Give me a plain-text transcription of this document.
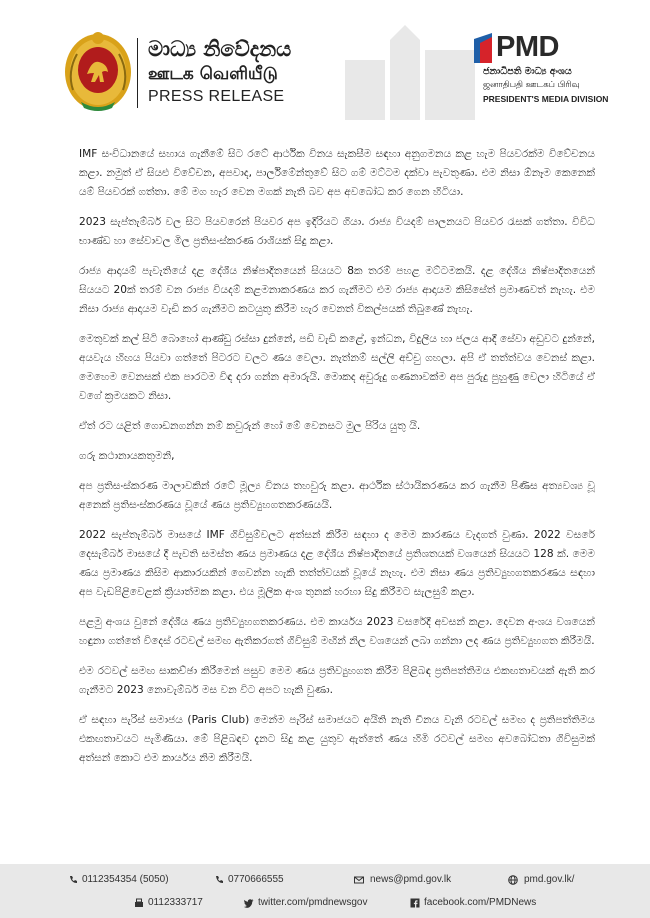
මාධ්‍ය නිවේදනය
ஊடக வெளியீடு
PRESS RELEASE
PMD
ජනාධිපති මාධ්‍ය අංශය
ஜனாதிபதி ஊடகப் பிரிவு
PRESIDENT'S MEDIA DIVISION

IMF සංවිධානයේ සහාය ගැනීමේ සිට රටේ ආර්ථික විනය සැකසීම සඳහා අනුගමනය කළ හැම පියවරක්ම විවේචනය කළා. නමුත් ඒ සියළු විවේචන, අපවාද, පාර්ලිමේන්තුවේ සිට ගම් මට්ටම දක්වා පැවතුණා. එම නිසා ඕනෑම කෙනෙක් යම් පියවරක් ගත්තා. මේ මග හැර වෙන මගක් නැති බව අප අවබෝධ කර ගෙන හිටියා.

2023 සැප්තැම්බර් වල සිට පියවරෙන් පියවර අප ඉදිරියට ගියා. රාජ්‍ය වියදම් පාලනයට පියවර රැසක් ගත්තා. විවිධ භාණ්ඩ හා සේවාවල මිල ප්‍රතිසංස්කරණ රාශියක් සිදු කළා.

රාජ්‍ය ආදායම් පැවැතියේ දළ දේශීය නිෂ්පාදිතයෙන් සියයට 8ක තරම් පහළ මට්ටමකයි. දළ දේශීය නිෂ්පාදිතයෙන් සියයට 20ක් තරම් වන රාජ්‍ය වියදම් කළමනාකරණය කර ගැනීමට එම රාජ්‍ය ආදායම කිසිසේත් ප්‍රමාණවත් නැහැ. එම නිසා රාජ්‍ය ආදායම වැඩි කර ගැනීමට කටයුතු කිරීම හැර වෙනත් විකල්පයක් තිබුණේ නැහැ.

මෙතුවක් කල් සිටි බොහෝ ආණ්ඩු රස්සා දුන්නේ, පඩි වැඩි කළේ, ඉන්ධන, විදුලිය හා ජලය ආදී සේවා අඩුවට දුන්නේ, අයවැය හිඟය පියවා ගත්තේ පිටරට වලට ණය වෙලා. නැත්නම් සල්ලි අච්චු ගහලා. අපි ඒ තත්ත්වය වෙනස් කළා. මෙහෙම වෙනසක් එක පාරටම විඳ දරා ගන්න අමාරුයි. මොකද අවුරුදු ගණනාවක්ම අප පුරුදු පුහුණු වෙලා හිටියේ ඒ වගේ ක්‍රමයකට නිසා.

ඒත් රට යළිත් ගොඩනගන්න නම් කවුරුන් හෝ මේ වෙනසට මුල පිරිය යුතු යි.

ගරු කථානායකතුමනි,

අප ප්‍රතිසංස්කරණ මාලාවකින් රටේ මූල්‍ය විනය තහවුරු කළා. ආර්ථික ස්ථායිකරණය කර ගැනීම පිණිස අත්‍යවශ්‍ය වූ අනෙක් ප්‍රතිසංස්කරණය වූයේ ණය ප්‍රතිව්‍යුහගතකරණයයි.

2022 සැප්තැම්බර් මාසයේ IMF ගිවිසුම්වලට අත්සන් කිරීම සඳහා ද මෙම කාරණය වැදගත් වුණා. 2022 වසරේ දෙසැම්බර් මාසයේ දී පැවති සමස්ත ණය ප්‍රමාණය දළ දේශීය නිෂ්පාදිතයේ ප්‍රතිශතයක් වශයෙන් සියයට 128 ක්. මෙම ණය ප්‍රමාණය කිසිම ආකාරයකින් ගෙවන්න හැකි තත්ත්වයක් වූයේ නැහැ. එම නිසා ණය ප්‍රතිව්‍යුහගතකරණය සඳහා අප වැඩපිළිවෙළක් ක්‍රියාත්මක කළා. එය මූලික අංශ තුනක් හරහා සිදු කිරීමට සැලසුම් කළා.

පළමු අංශය වුනේ දේශීය ණය ප්‍රතිව්‍යුහගතකරණය. එම කාර්යය 2023 වසරේදී අවසන් කළා. දෙවන අංශය වශයෙන් හඳුනා ගත්තේ විදෙස් රටවල් සමඟ ඇතිකරගත් ගිවිසුම් මඟින් නිල වශයෙන් ලබා ගන්නා ලද ණය ප්‍රතිව්‍යුහගත කිරීමයි.

එම රටවල් සමඟ සාකච්ඡා කිරීමෙන් පසුව මෙම ණය ප්‍රතිව්‍යුහගත කිරීම පිළිබඳ ප්‍රතිපත්තිමය එකඟතාවයක් ඇති කර ගැනීමට 2023 නොවැම්බර් මස වන විට අපට හැකි වුණා.

ඒ සඳහා පැරිස් සමාජය (Paris Club) මෙන්ම පැරිස් සමාජයට අයිති නැති චීනය වැනි රටවල් සමඟ ද ප්‍රතිපත්තිමය එකඟතාවයට පැමිණියා. මේ පිළිබඳව දැනට සිදු කළ යුතුව ඇත්තේ ණය හිමි රටවල් සමඟ අවබෝධතා ගිවිසුමක් අත්සන් කොට එම කාර්යය නිම කිරීමයි.

0112354354 (5050)	0770666555	news@pmd.gov.lk	pmd.gov.lk/
0112333717	twitter.com/pmdnewsgov	facebook.com/PMDNews
